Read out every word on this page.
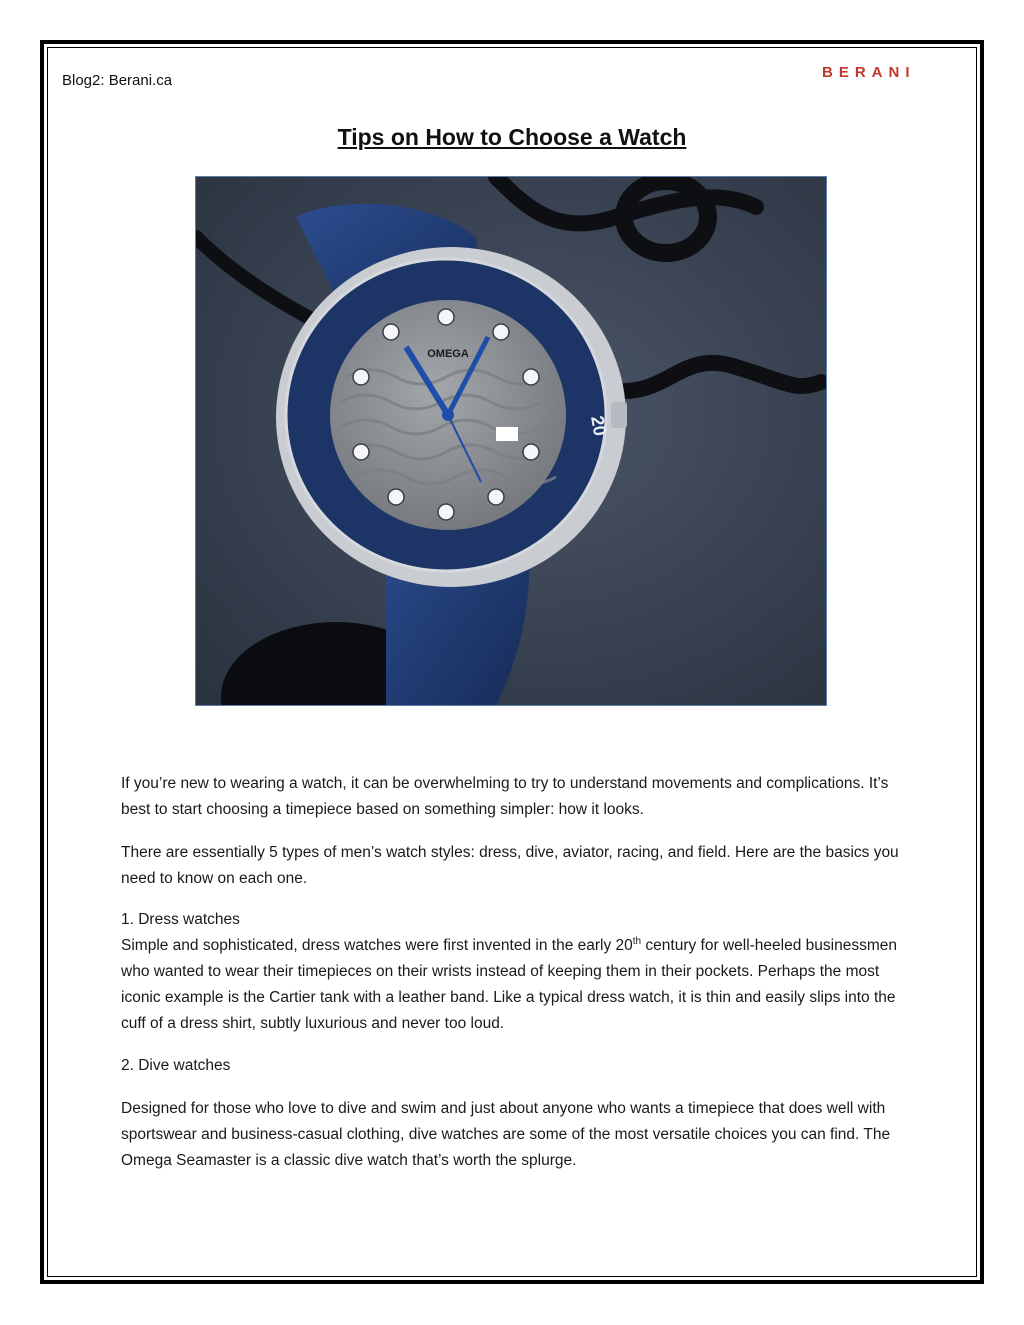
Blog2: Berani.ca	BERANI
Tips on How to Choose a Watch
20
OMEGA

If you’re new to wearing a watch, it can be overwhelming to try to understand movements and complications. It’s best to start choosing a timepiece based on something simpler: how it looks.

There are essentially 5 types of men’s watch styles: dress, dive, aviator, racing, and field. Here are the basics you need to know on each one.

1. Dress watches

Simple and sophisticated, dress watches were first invented in the early 20th century for well-heeled businessmen who wanted to wear their timepieces on their wrists instead of keeping them in their pockets. Perhaps the most iconic example is the Cartier tank with a leather band. Like a typical dress watch, it is thin and easily slips into the cuff of a dress shirt, subtly luxurious and never too loud.

2. Dive watches

Designed for those who love to dive and swim and just about anyone who wants a timepiece that does well with sportswear and business-casual clothing, dive watches are some of the most versatile choices you can find. The Omega Seamaster is a classic dive watch that’s worth the splurge.
